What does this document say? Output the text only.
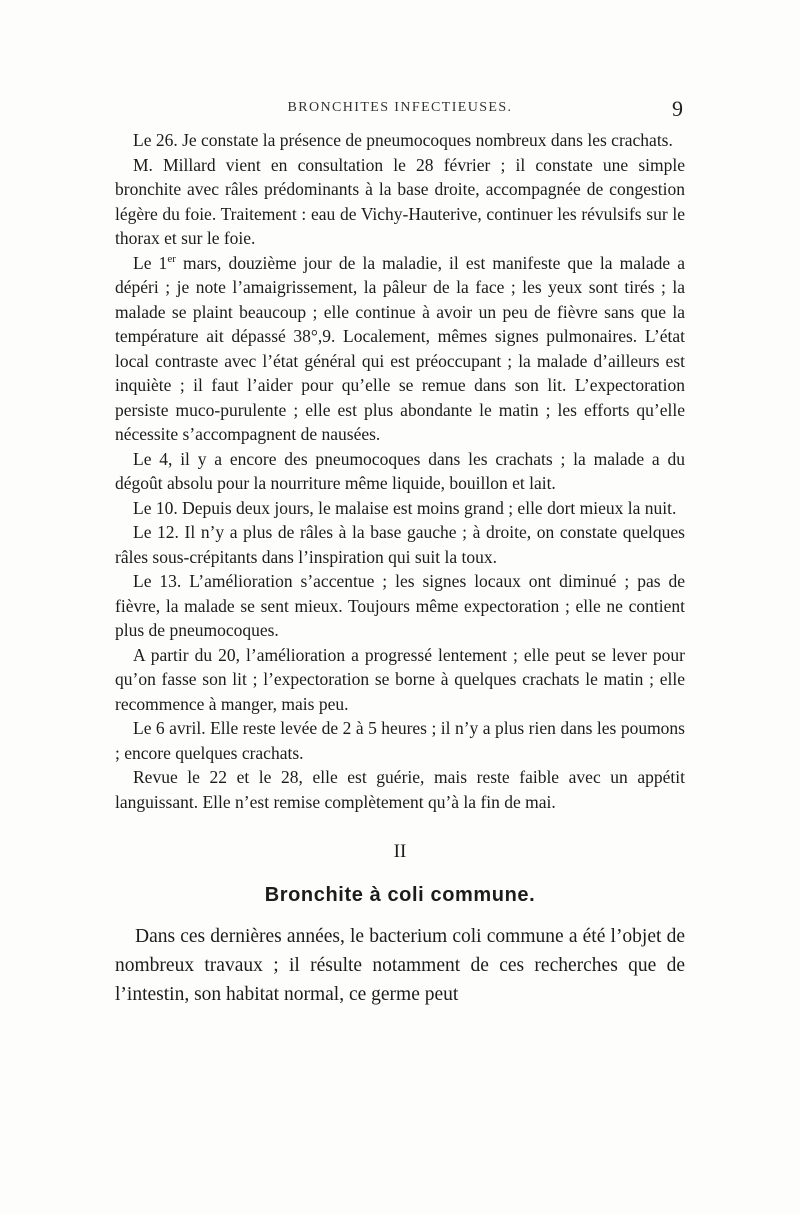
BRONCHITES INFECTIEUSES.	9

Le 26. Je constate la présence de pneumocoques nombreux dans les crachats.

M. Millard vient en consultation le 28 février ; il constate une simple bronchite avec râles prédominants à la base droite, accompagnée de congestion légère du foie. Traitement : eau de Vichy-Hauterive, continuer les révulsifs sur le thorax et sur le foie.

Le 1er mars, douzième jour de la maladie, il est manifeste que la malade a dépéri ; je note l’amaigrissement, la pâleur de la face ; les yeux sont tirés ; la malade se plaint beaucoup ; elle continue à avoir un peu de fièvre sans que la température ait dépassé 38°,9. Localement, mêmes signes pulmonaires. L’état local contraste avec l’état général qui est préoccupant ; la malade d’ailleurs est inquiète ; il faut l’aider pour qu’elle se remue dans son lit. L’expectoration persiste muco-purulente ; elle est plus abondante le matin ; les efforts qu’elle nécessite s’accompagnent de nausées.

Le 4, il y a encore des pneumocoques dans les crachats ; la malade a du dégoût absolu pour la nourriture même liquide, bouillon et lait.

Le 10. Depuis deux jours, le malaise est moins grand ; elle dort mieux la nuit.

Le 12. Il n’y a plus de râles à la base gauche ; à droite, on constate quelques râles sous-crépitants dans l’inspiration qui suit la toux.

Le 13. L’amélioration s’accentue ; les signes locaux ont diminué ; pas de fièvre, la malade se sent mieux. Toujours même expectoration ; elle ne contient plus de pneumocoques.

A partir du 20, l’amélioration a progressé lentement ; elle peut se lever pour qu’on fasse son lit ; l’expectoration se borne à quelques crachats le matin ; elle recommence à manger, mais peu.

Le 6 avril. Elle reste levée de 2 à 5 heures ; il n’y a plus rien dans les poumons ; encore quelques crachats.

Revue le 22 et le 28, elle est guérie, mais reste faible avec un appétit languissant. Elle n’est remise complètement qu’à la fin de mai.

II
Bronchite à coli commune.

Dans ces dernières années, le bacterium coli commune a été l’objet de nombreux travaux ; il résulte notamment de ces recherches que de l’intestin, son habitat normal, ce germe peut
